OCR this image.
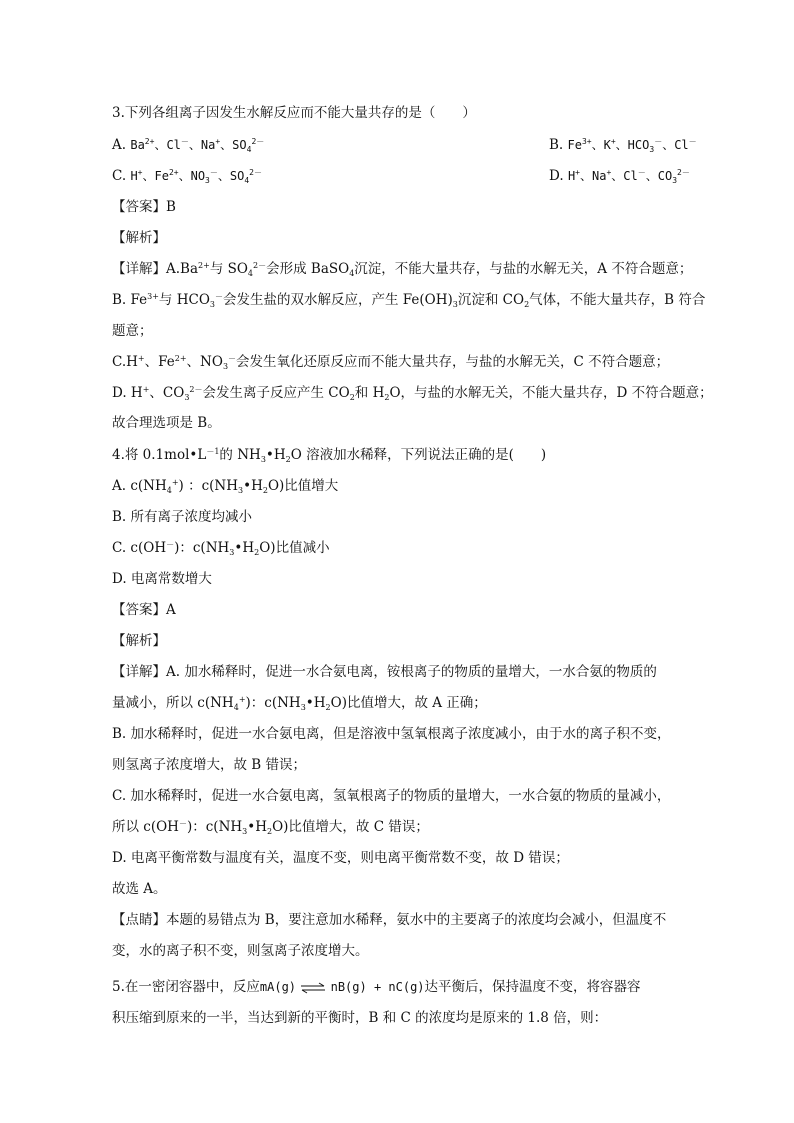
3.下列各组离子因发生水解反应而不能大量共存的是（　　）
A. $Ba^{2+}$、Cl－、Na+、$SO_4^{2-}$	B. $Fe^{3+}$、K+、$HCO_3^-$、Cl－
C. H+、$Fe^{2+}$、$NO_3^-$、$SO_4^{2-}$	D. H+、Na+、Cl－、$CO_3^{2-}$
【答案】B
【解析】
【详解】$A.Ba^{2+}$与 $SO_4^{2-}$会形成 BaSO$_4$沉淀，不能大量共存，与盐的水解无关，A 不符合题意；
B. $Fe^{3+}$与 $HCO_3^-$会发生盐的双水解反应，产生 $Fe(OH)_3$沉淀和 $CO_2$气体，不能大量共存，B 符合
题意；
C.H+、$Fe^{2+}$、$NO_3^-$会发生氧化还原反应而不能大量共存，与盐的水解无关，C 不符合题意；
D. H+、$CO_3^{2-}$会发生离子反应产生 $CO_2$和 $H_2O$，与盐的水解无关，不能大量共存，D 不符合题意；
故合理选项是 B。
4.将 $0.1mol•L^{-1}$的 $NH_3•H_2O$ 溶液加水稀释，下列说法正确的是(　　)
A. $c(NH_4^+)$ ：$c(NH_3•H_2O)$比值增大
B. 所有离子浓度均减小
C. c(OH－)：$c(NH_3•H_2O)$比值减小
D. 电离常数增大
【答案】A
【解析】
【详解】A. 加水稀释时，促进一水合氨电离，铵根离子的物质的量增大，一水合氨的物质的
量减小，所以 $c(NH_4^+)$：$c(NH_3•H_2O)$比值增大，故 A 正确；
B. 加水稀释时，促进一水合氨电离，但是溶液中氢氧根离子浓度减小，由于水的离子积不变，
则氢离子浓度增大，故 B 错误；
C. 加水稀释时，促进一水合氨电离，氢氧根离子的物质的量增大，一水合氨的物质的量减小，
所以 c(OH－)：$c(NH_3•H_2O)$比值增大，故 C 错误；
D. 电离平衡常数与温度有关，温度不变，则电离平衡常数不变，故 D 错误；
故选 A。
【点睛】本题的易错点为 B，要注意加水稀释，氨水中的主要离子的浓度均会减小，但温度不
变，水的离子积不变，则氢离子浓度增大。
5.在一密闭容器中，反应mA(g) ⇌ nB(g) + nC(g)达平衡后，保持温度不变，将容器容
积压缩到原来的一半，当达到新的平衡时，B 和 C 的浓度均是原来的 1.8 倍，则：
